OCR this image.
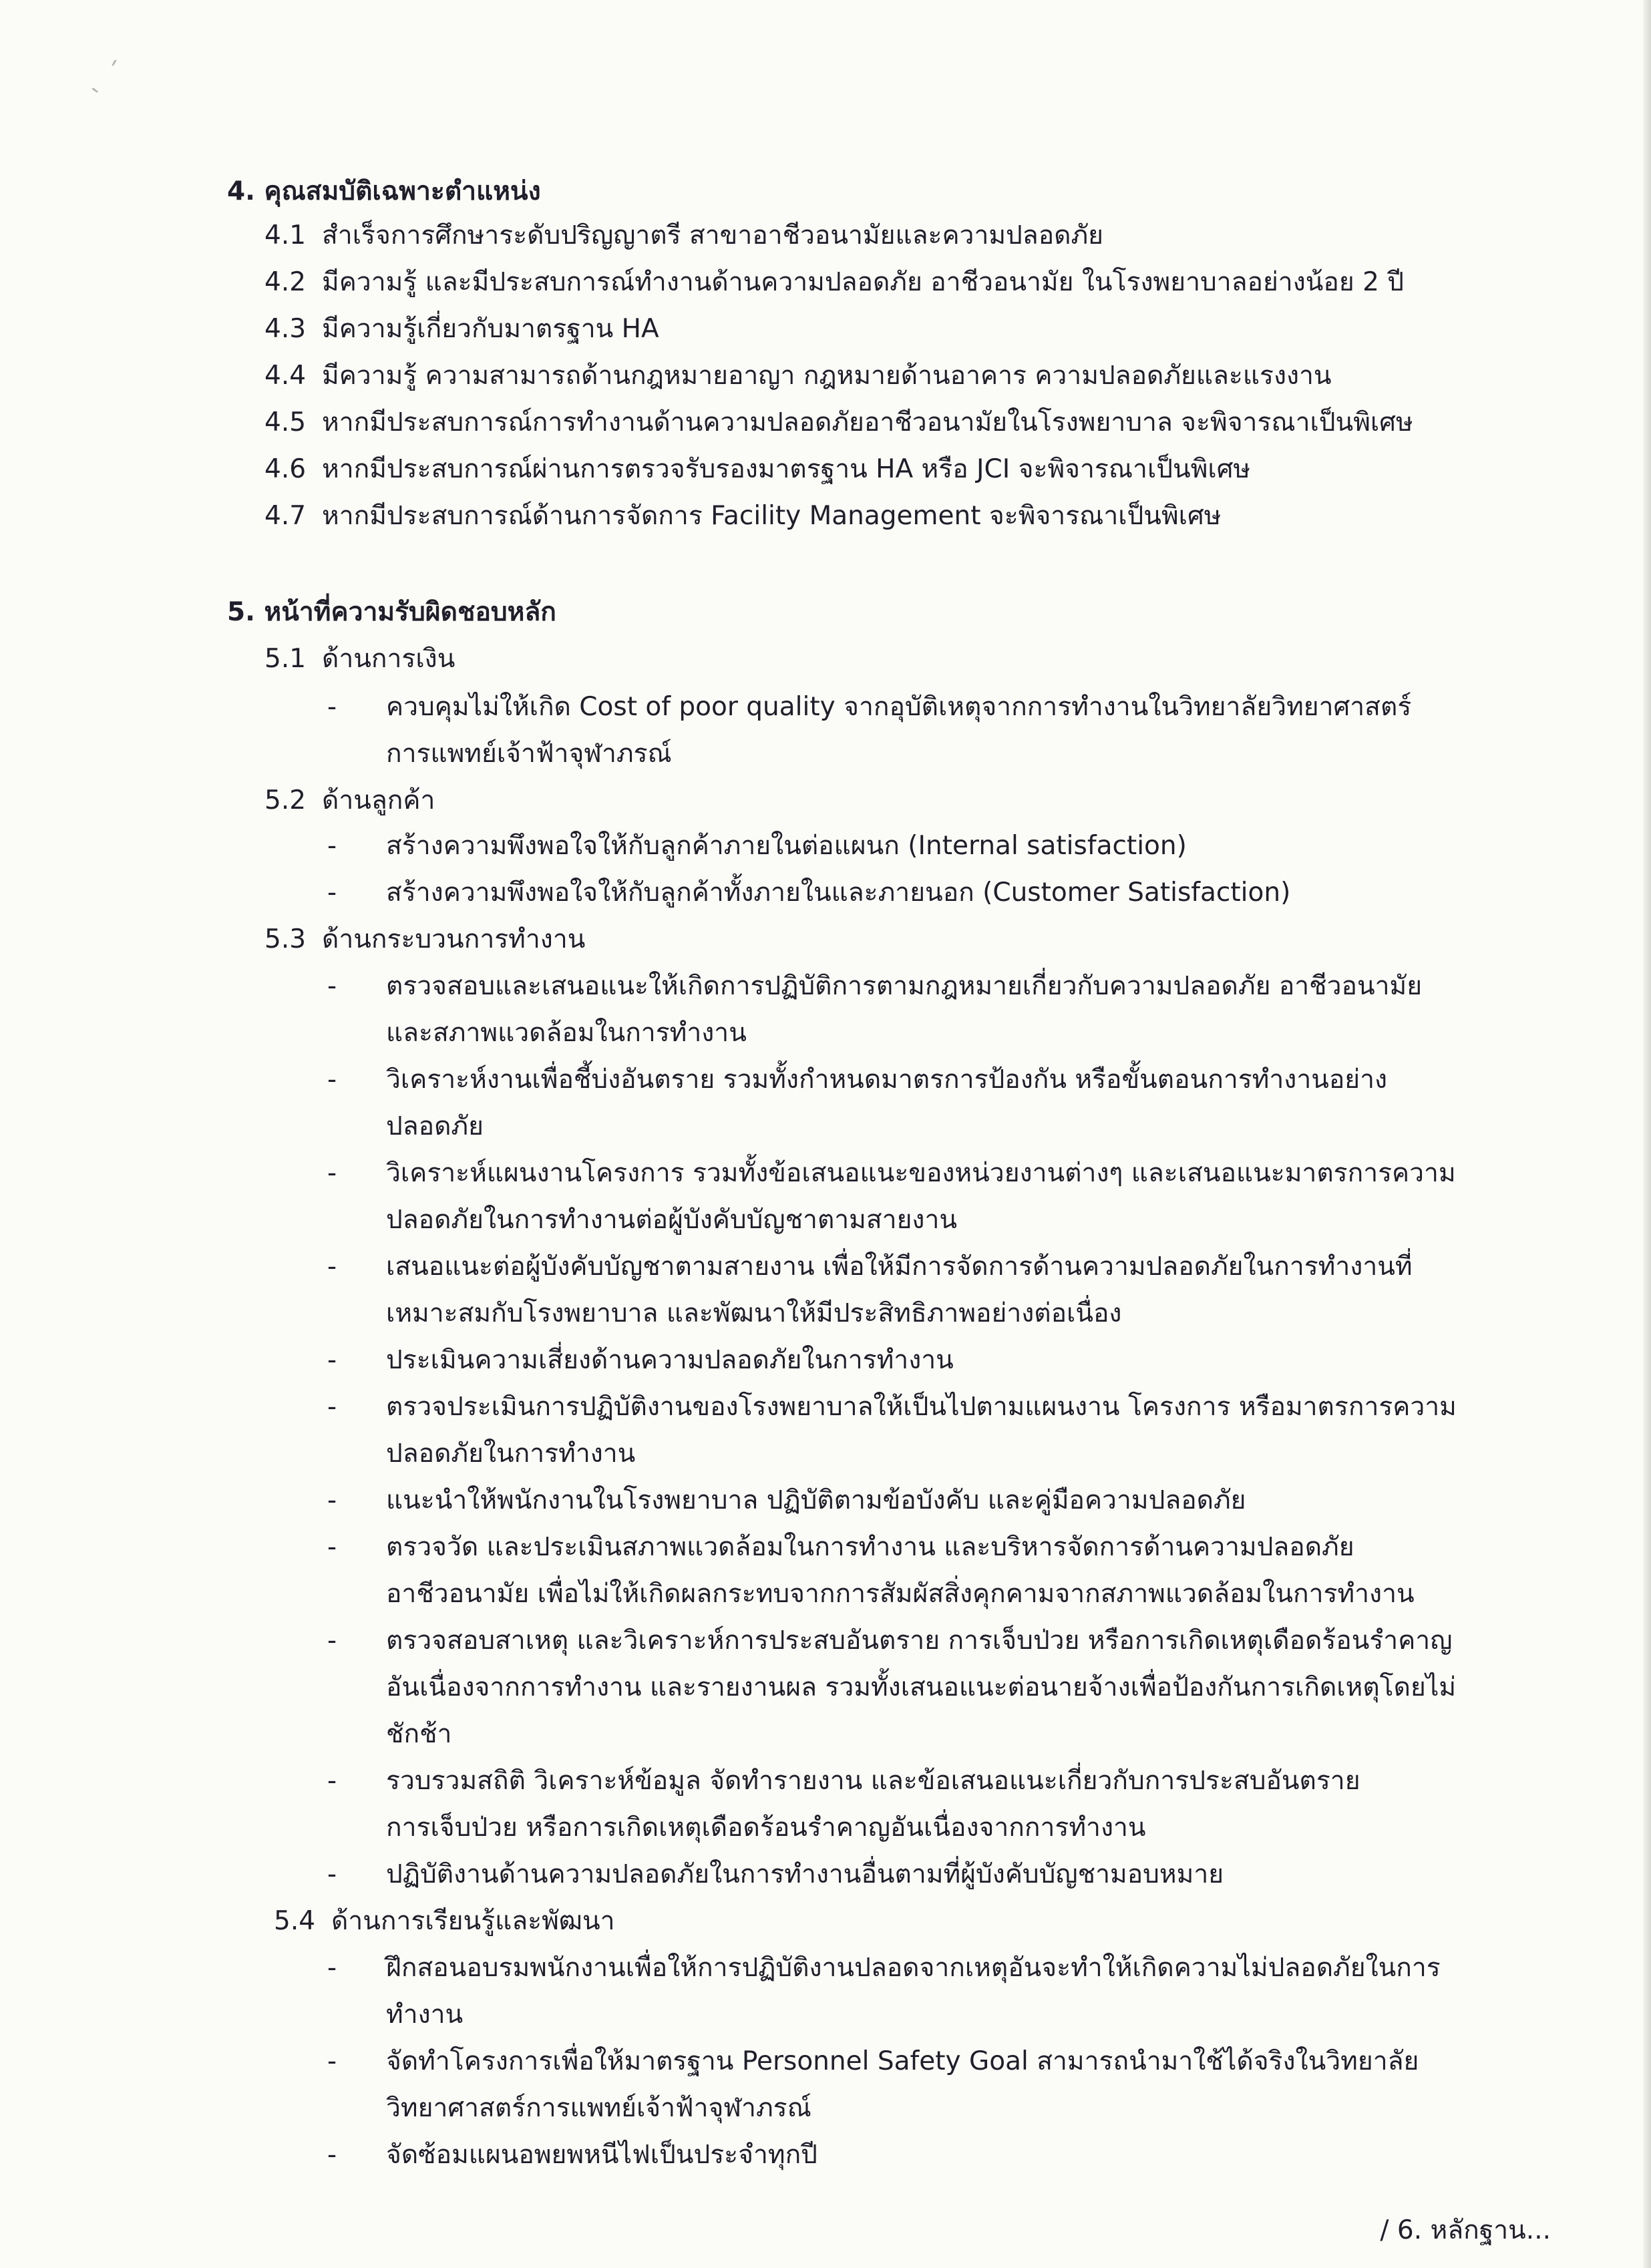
ˎ ˊ
4. คุณสมบัติเฉพาะตำแหน่ง
4.1 สำเร็จการศึกษาระดับปริญญาตรี สาขาอาชีวอนามัยและความปลอดภัย
4.2 มีความรู้ และมีประสบการณ์ทำงานด้านความปลอดภัย อาชีวอนามัย ในโรงพยาบาลอย่างน้อย 2 ปี
4.3 มีความรู้เกี่ยวกับมาตรฐาน HA
4.4 มีความรู้ ความสามารถด้านกฎหมายอาญา กฎหมายด้านอาคาร ความปลอดภัยและแรงงาน
4.5 หากมีประสบการณ์การทำงานด้านความปลอดภัยอาชีวอนามัยในโรงพยาบาล จะพิจารณาเป็นพิเศษ
4.6 หากมีประสบการณ์ผ่านการตรวจรับรองมาตรฐาน HA หรือ JCI จะพิจารณาเป็นพิเศษ
4.7 หากมีประสบการณ์ด้านการจัดการ Facility Management จะพิจารณาเป็นพิเศษ
5. หน้าที่ความรับผิดชอบหลัก
5.1 ด้านการเงิน
- ควบคุมไม่ให้เกิด Cost of poor quality จากอุบัติเหตุจากการทำงานในวิทยาลัยวิทยาศาสตร์
การแพทย์เจ้าฟ้าจุฬาภรณ์
5.2 ด้านลูกค้า
- สร้างความพึงพอใจให้กับลูกค้าภายในต่อแผนก (Internal satisfaction)
- สร้างความพึงพอใจให้กับลูกค้าทั้งภายในและภายนอก (Customer Satisfaction)
5.3 ด้านกระบวนการทำงาน
- ตรวจสอบและเสนอแนะให้เกิดการปฏิบัติการตามกฎหมายเกี่ยวกับความปลอดภัย อาชีวอนามัย
และสภาพแวดล้อมในการทำงาน
- วิเคราะห์งานเพื่อชี้บ่งอันตราย รวมทั้งกำหนดมาตรการป้องกัน หรือขั้นตอนการทำงานอย่าง
ปลอดภัย
- วิเคราะห์แผนงานโครงการ รวมทั้งข้อเสนอแนะของหน่วยงานต่างๆ และเสนอแนะมาตรการความ
ปลอดภัยในการทำงานต่อผู้บังคับบัญชาตามสายงาน
- เสนอแนะต่อผู้บังคับบัญชาตามสายงาน เพื่อให้มีการจัดการด้านความปลอดภัยในการทำงานที่
เหมาะสมกับโรงพยาบาล และพัฒนาให้มีประสิทธิภาพอย่างต่อเนื่อง
- ประเมินความเสี่ยงด้านความปลอดภัยในการทำงาน
- ตรวจประเมินการปฏิบัติงานของโรงพยาบาลให้เป็นไปตามแผนงาน โครงการ หรือมาตรการความ
ปลอดภัยในการทำงาน
- แนะนำให้พนักงานในโรงพยาบาล ปฏิบัติตามข้อบังคับ และคู่มือความปลอดภัย
- ตรวจวัด และประเมินสภาพแวดล้อมในการทำงาน และบริหารจัดการด้านความปลอดภัย
อาชีวอนามัย เพื่อไม่ให้เกิดผลกระทบจากการสัมผัสสิ่งคุกคามจากสภาพแวดล้อมในการทำงาน
- ตรวจสอบสาเหตุ และวิเคราะห์การประสบอันตราย การเจ็บป่วย หรือการเกิดเหตุเดือดร้อนรำคาญ
อันเนื่องจากการทำงาน และรายงานผล รวมทั้งเสนอแนะต่อนายจ้างเพื่อป้องกันการเกิดเหตุโดยไม่
ชักช้า
- รวบรวมสถิติ วิเคราะห์ข้อมูล จัดทำรายงาน และข้อเสนอแนะเกี่ยวกับการประสบอันตราย
การเจ็บป่วย หรือการเกิดเหตุเดือดร้อนรำคาญอันเนื่องจากการทำงาน
- ปฏิบัติงานด้านความปลอดภัยในการทำงานอื่นตามที่ผู้บังคับบัญชามอบหมาย
5.4 ด้านการเรียนรู้และพัฒนา
- ฝึกสอนอบรมพนักงานเพื่อให้การปฏิบัติงานปลอดจากเหตุอันจะทำให้เกิดความไม่ปลอดภัยในการ
ทำงาน
- จัดทำโครงการเพื่อให้มาตรฐาน Personnel Safety Goal สามารถนำมาใช้ได้จริงในวิทยาลัย
วิทยาศาสตร์การแพทย์เจ้าฟ้าจุฬาภรณ์
- จัดซ้อมแผนอพยพหนีไฟเป็นประจำทุกปี
/ 6. หลักฐาน...
